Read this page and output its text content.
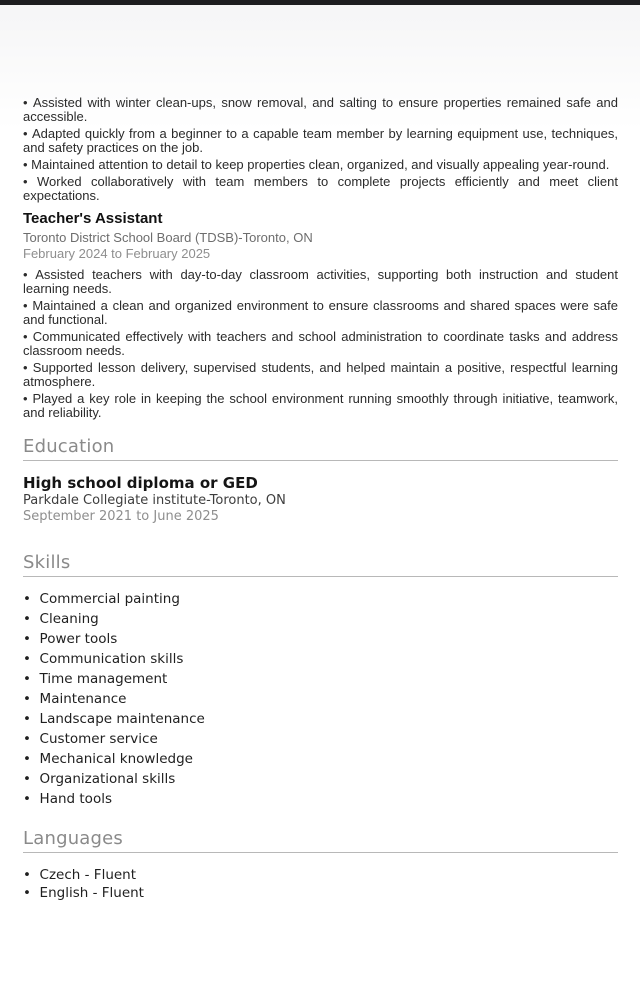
• Assisted with winter clean-ups, snow removal, and salting to ensure properties remained safe and accessible.

• Adapted quickly from a beginner to a capable team member by learning equipment use, techniques, and safety practices on the job.

• Maintained attention to detail to keep properties clean, organized, and visually appealing year-round.

• Worked collaboratively with team members to complete projects efficiently and meet client expectations.

Teacher's Assistant

Toronto District School Board (TDSB)-Toronto, ON

February 2024 to February 2025

• Assisted teachers with day-to-day classroom activities, supporting both instruction and student learning needs.

• Maintained a clean and organized environment to ensure classrooms and shared spaces were safe and functional.

• Communicated effectively with teachers and school administration to coordinate tasks and address classroom needs.

• Supported lesson delivery, supervised students, and helped maintain a positive, respectful learning atmosphere.

• Played a key role in keeping the school environment running smoothly through initiative, teamwork, and reliability.

Education
High school diploma or GED

Parkdale Collegiate institute-Toronto, ON

September 2021 to June 2025

Skills

•  Commercial painting

•  Cleaning

•  Power tools

•  Communication skills

•  Time management

•  Maintenance

•  Landscape maintenance

•  Customer service

•  Mechanical knowledge

•  Organizational skills

•  Hand tools

Languages

•  Czech - Fluent

•  English - Fluent
